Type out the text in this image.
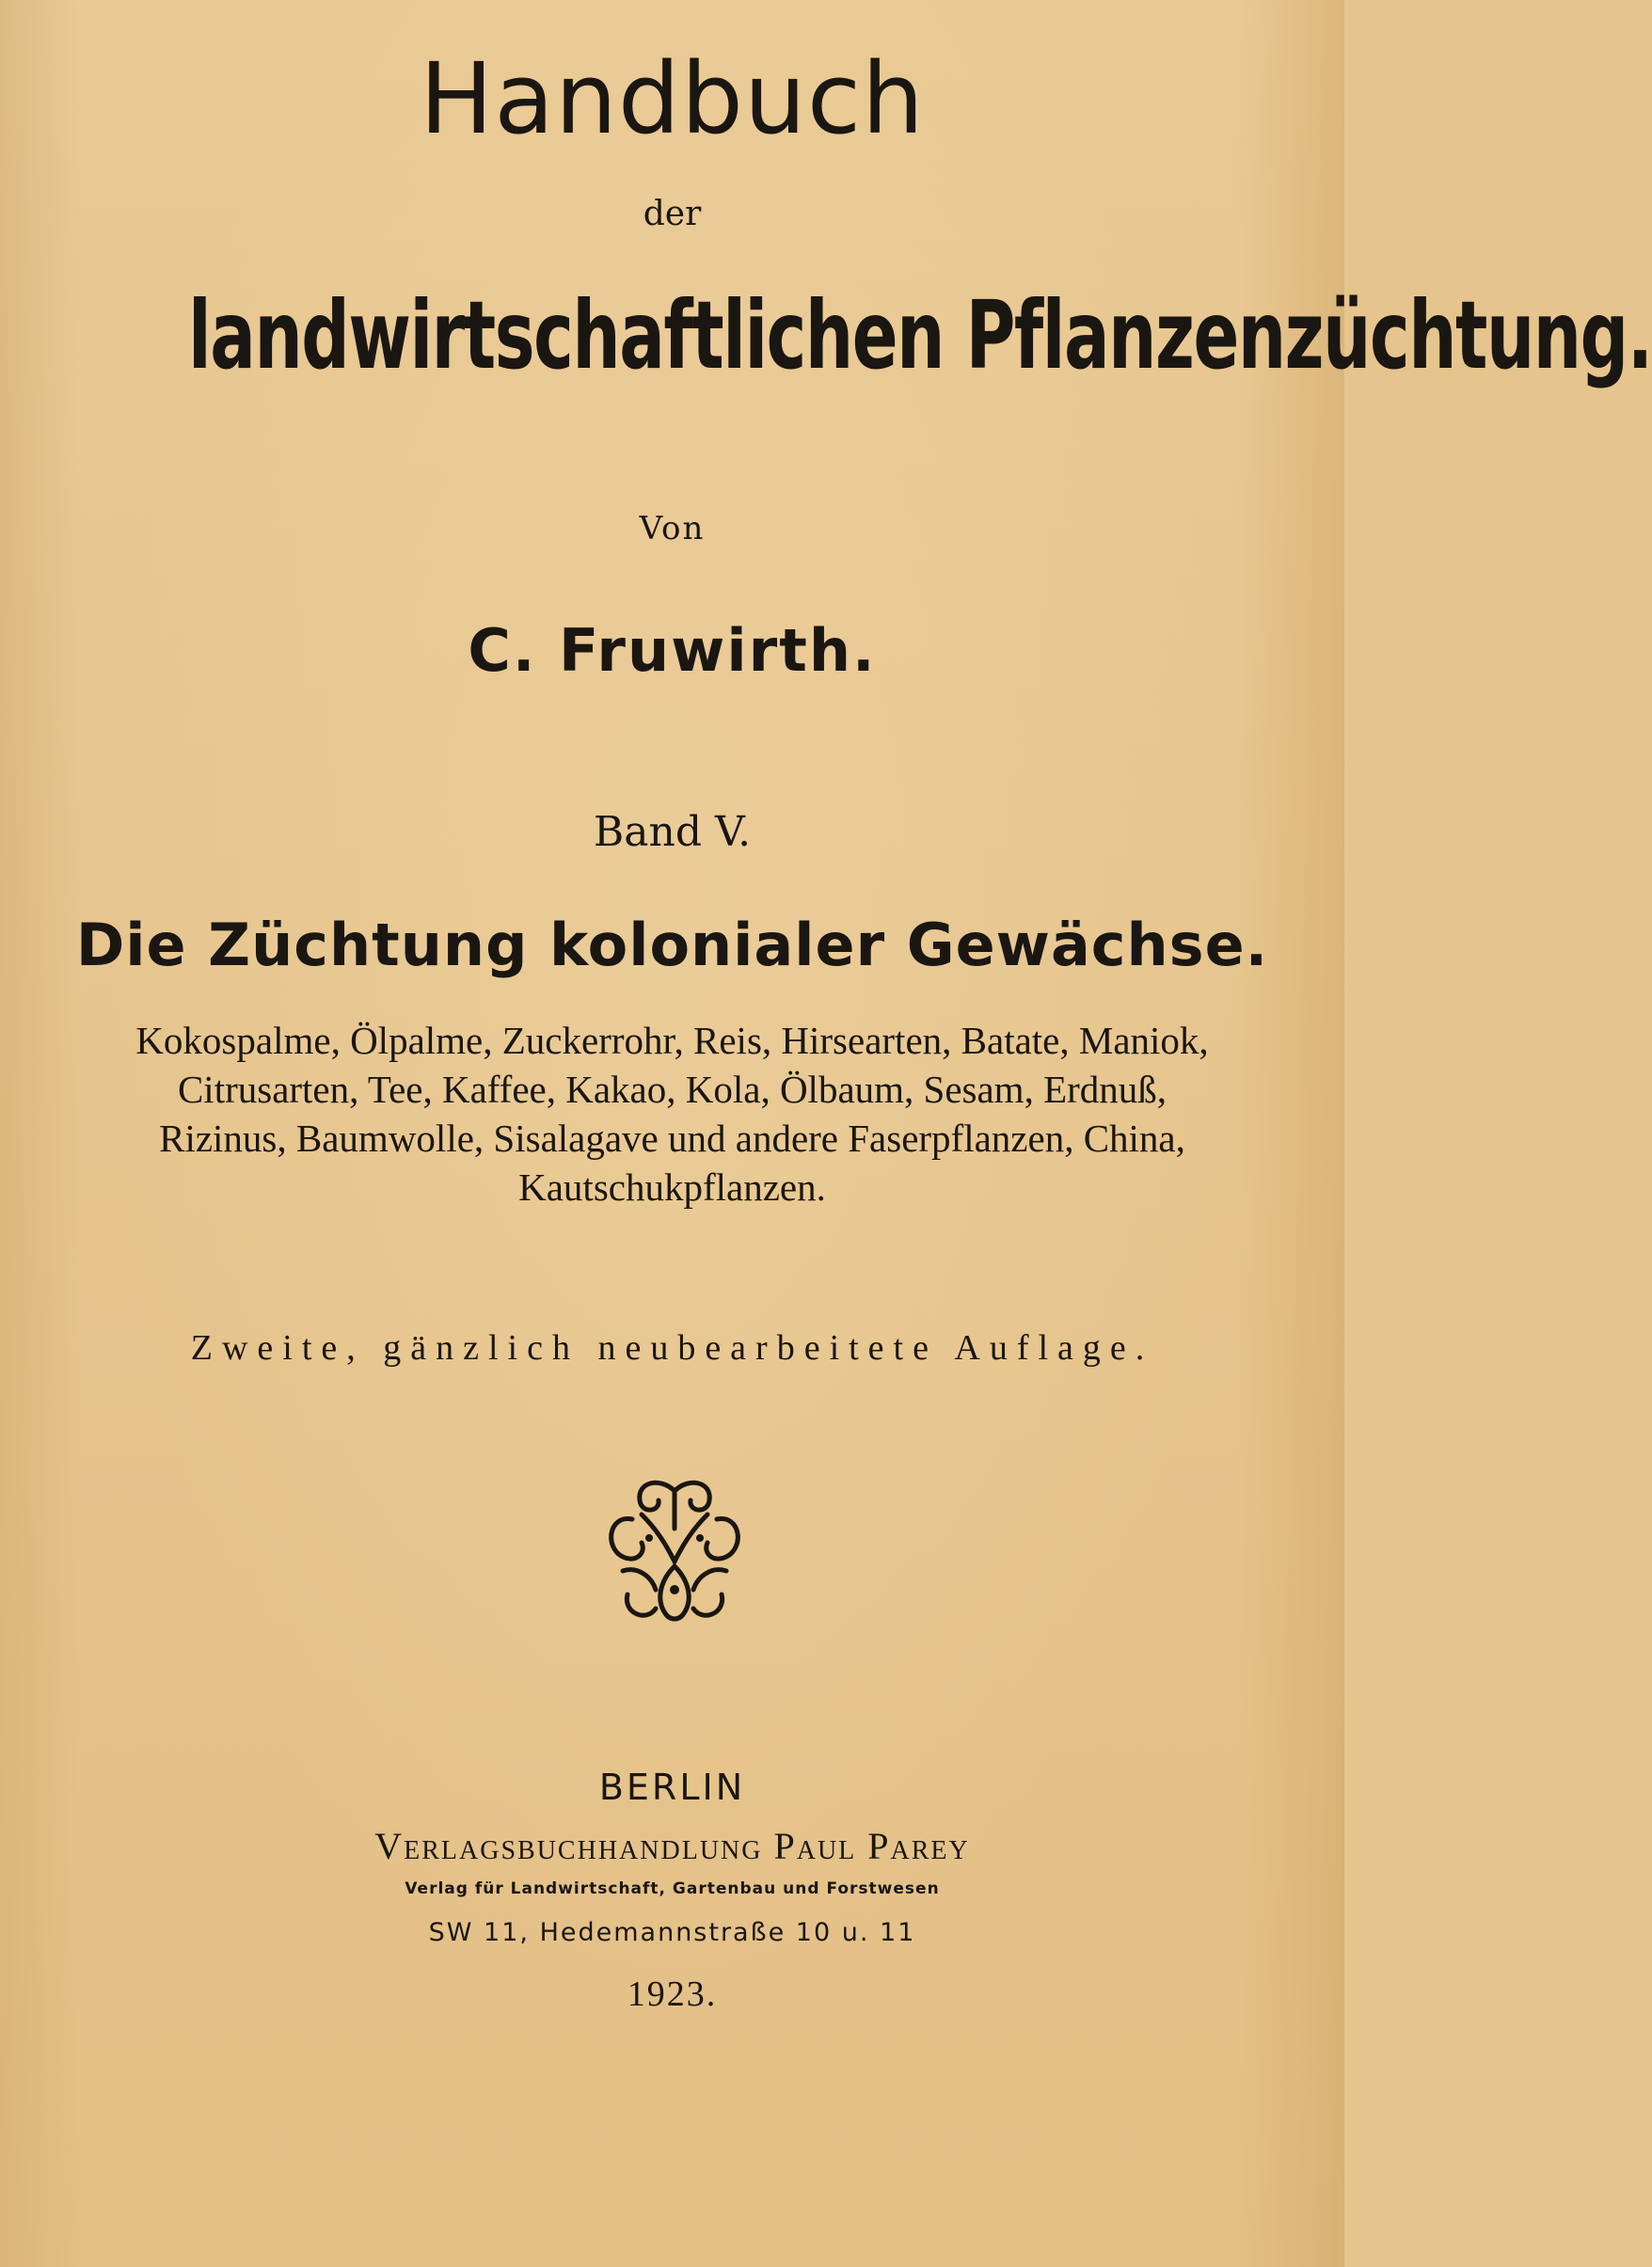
Handbuch

der

landwirtschaftlichen Pflanzenzüchtung.

Von

C. Fruwirth.

Band V.

Die Züchtung kolonialer Gewächse.
Kokospalme, Ölpalme, Zuckerrohr, Reis, Hirsearten, Batate, Maniok,
Citrusarten, Tee, Kaffee, Kakao, Kola, Ölbaum, Sesam, Erdnuß,
Rizinus, Baumwolle, Sisalagave und andere Faserpflanzen, China,
Kautschukpflanzen.

Zweite, gänzlich neubearbeitete Auflage.

BERLIN

Verlagsbuchhandlung Paul Parey

Verlag für Landwirtschaft, Gartenbau und Forstwesen

SW 11, Hedemannstraße 10 u. 11

1923.
